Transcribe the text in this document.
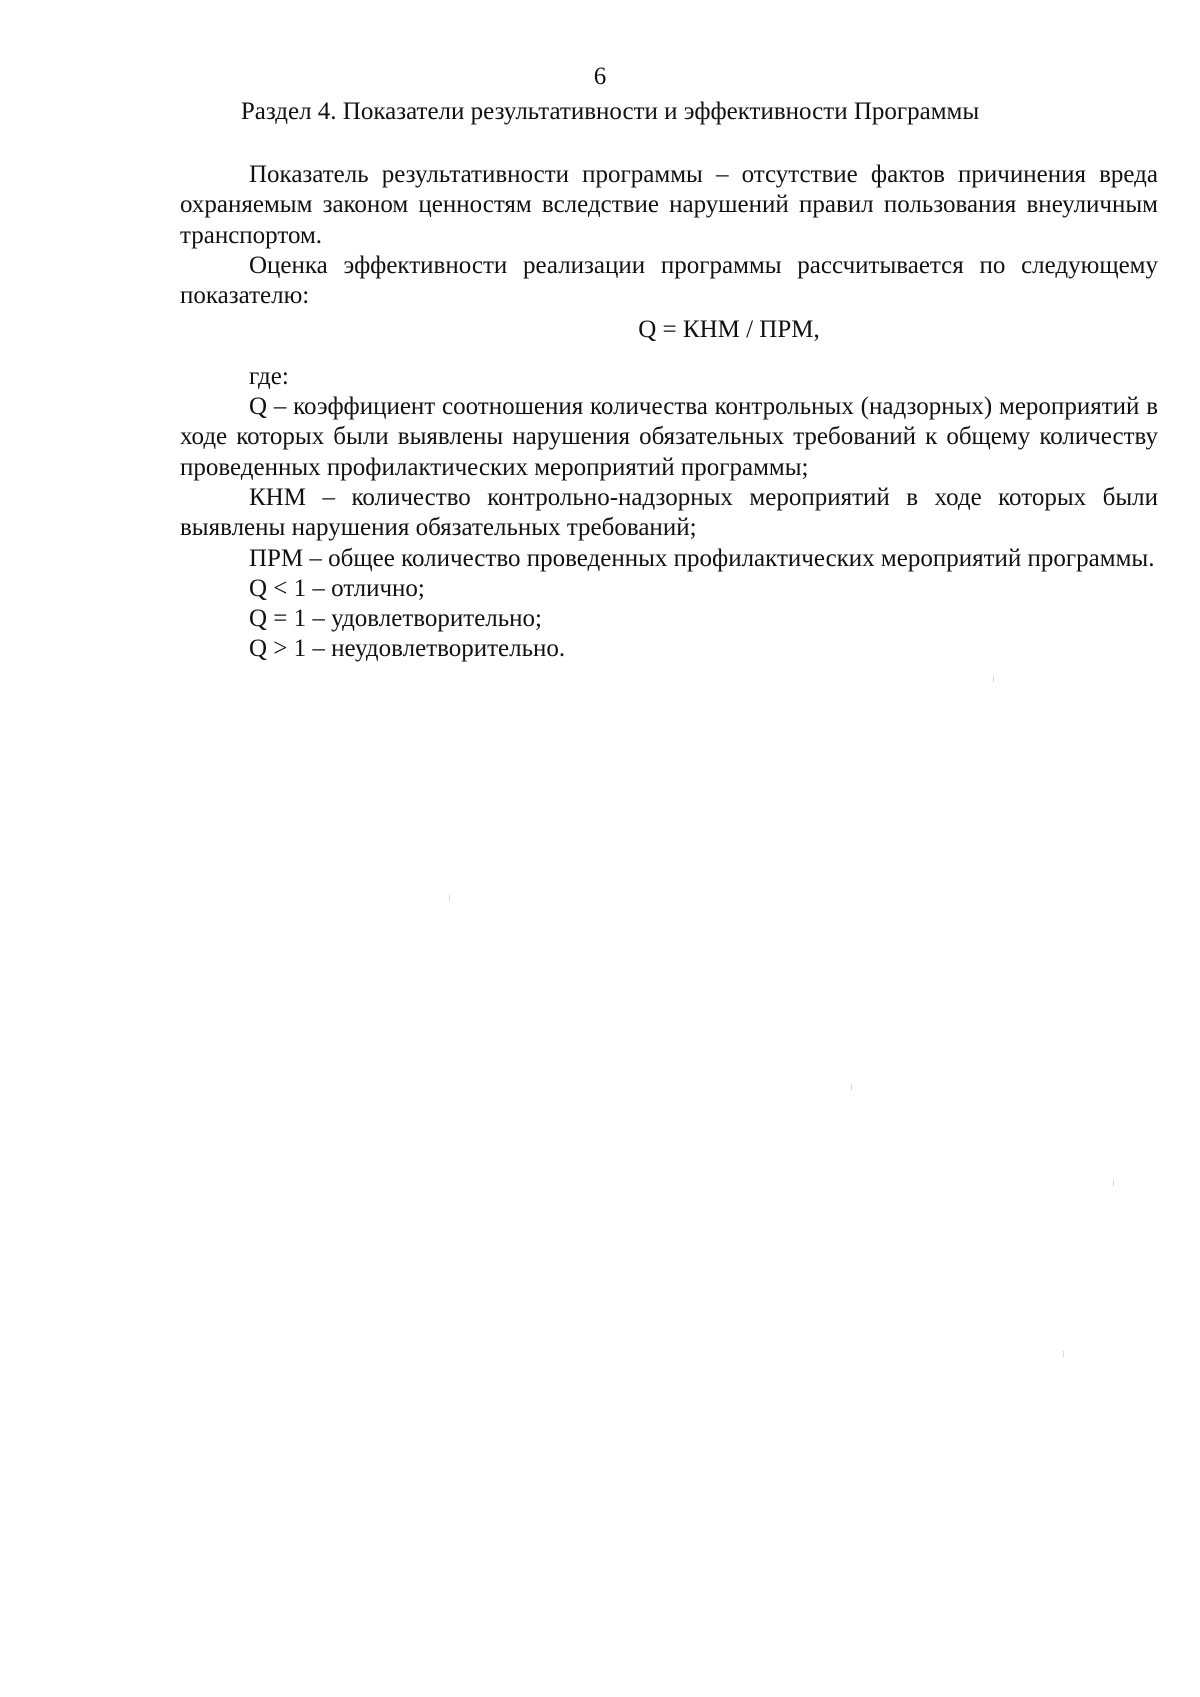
6
Раздел 4. Показатели результативности и эффективности Программы

Показатель результативности программы – отсутствие фактов причинения вреда охраняемым законом ценностям вследствие нарушений правил пользования внеуличным транспортом.

Оценка эффективности реализации программы рассчитывается по следующему показателю:

Q = КНМ / ПРМ,

где:

Q – коэффициент соотношения количества контрольных (надзорных) мероприятий в ходе которых были выявлены нарушения обязательных требований к общему количеству проведенных профилактических мероприятий программы;

КНМ – количество контрольно-надзорных мероприятий в ходе которых были выявлены нарушения обязательных требований;

ПРМ – общее количество проведенных профилактических мероприятий программы.

Q < 1 – отлично;

Q = 1 – удовлетворительно;

Q > 1 – неудовлетворительно.
